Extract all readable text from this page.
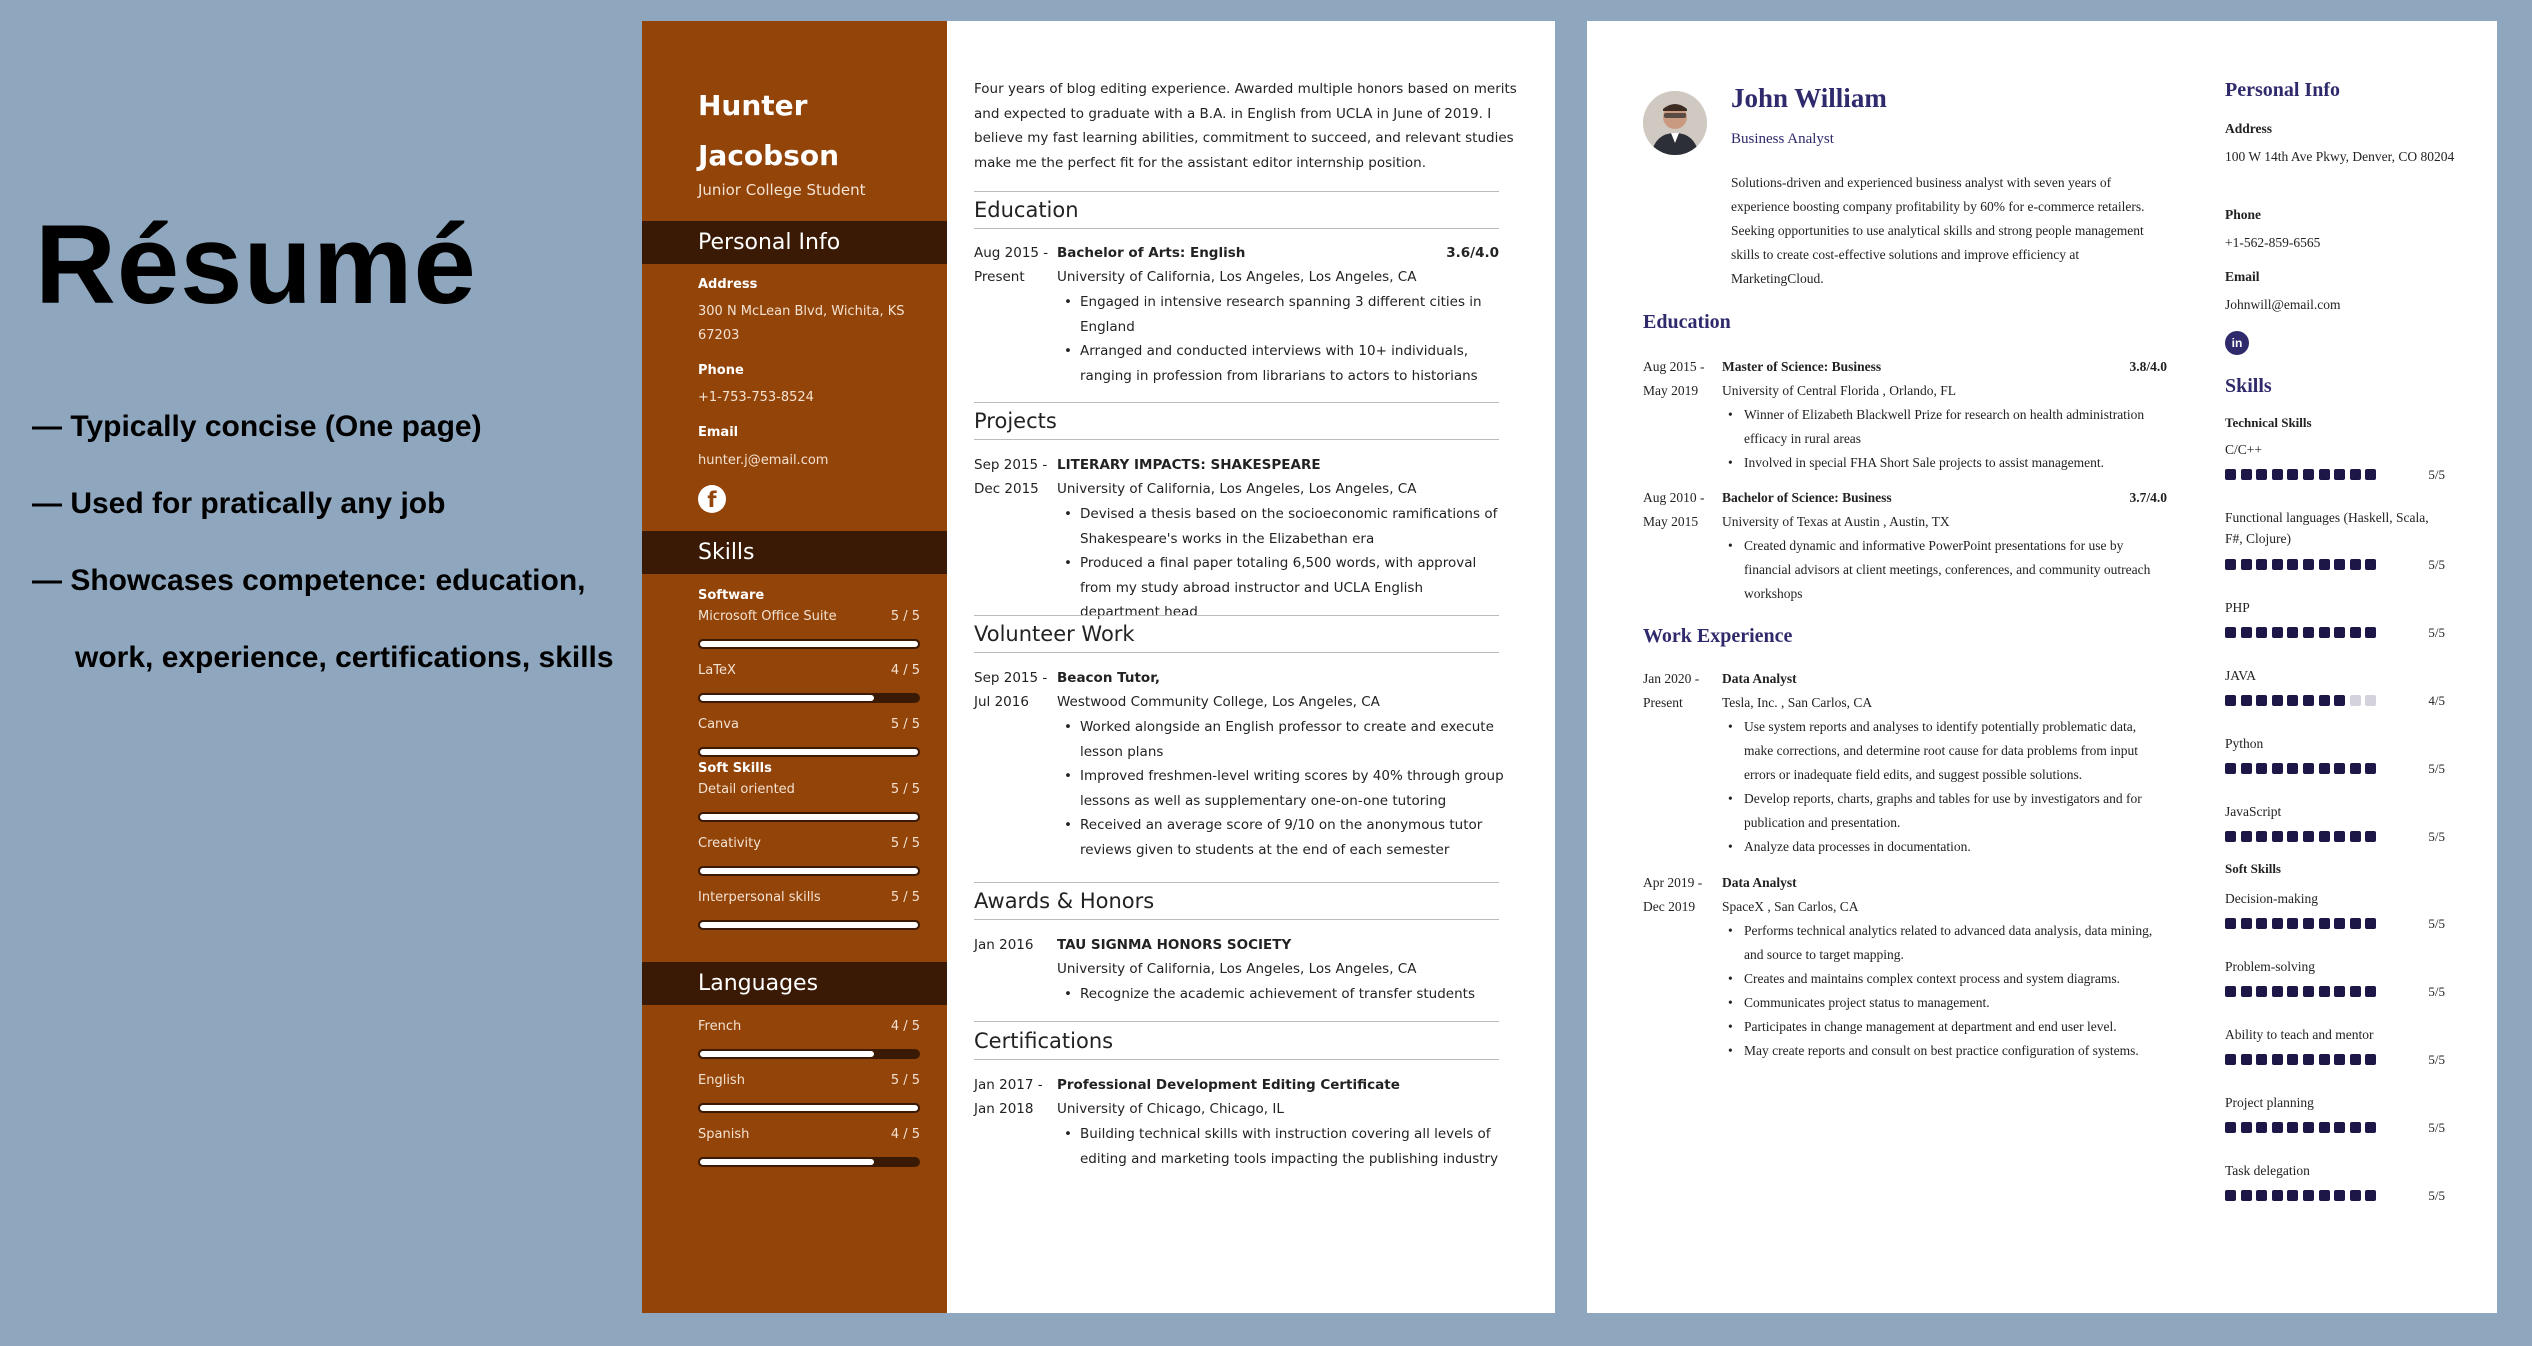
Résumé
— Typically concise (One page)
— Used for pratically any job
— Showcases competence: education,
work, experience, certifications, skills
Hunter
Jacobson
Junior College Student
Personal Info
Address
300 N McLean Blvd, Wichita, KS 67203
Phone
+1-753-753-8524
Email
hunter.j@email.com
f
Skills
Software
Languages
Microsoft Office Suite	5 / 5
LaTeX	4 / 5
Canva	5 / 5
Soft Skills
Detail oriented	5 / 5
Creativity	5 / 5
Interpersonal skills	5 / 5
French	4 / 5
English	5 / 5
Spanish	4 / 5
Four years of blog editing experience. Awarded multiple honors based on merits and expected to graduate with a B.A. in English from UCLA in June of 2019. I believe my fast learning abilities, commitment to succeed, and relevant studies make me the perfect fit for the assistant editor internship position.
Education
Aug 2015 -
Present
Bachelor of Arts: English	3.6/4.0
University of California, Los Angeles, Los Angeles, CA
• Engaged in intensive research spanning 3 different cities in England
• Arranged and conducted interviews with 10+ individuals, ranging in profession from librarians to actors to historians
Projects
Sep 2015 -
Dec 2015
LITERARY IMPACTS: SHAKESPEARE
University of California, Los Angeles, Los Angeles, CA
• Devised a thesis based on the socioeconomic ramifications of Shakespeare's works in the Elizabethan era
• Produced a final paper totaling 6,500 words, with approval from my study abroad instructor and UCLA English department head
Volunteer Work
Sep 2015 -
Jul 2016
Beacon Tutor,
Westwood Community College, Los Angeles, CA
• Worked alongside an English professor to create and execute lesson plans
• Improved freshmen-level writing scores by 40% through group lessons as well as supplementary one-on-one tutoring
• Received an average score of 9/10 on the anonymous tutor reviews given to students at the end of each semester
Awards & Honors
Jan 2016	TAU SIGNMA HONORS SOCIETY
University of California, Los Angeles, Los Angeles, CA
• Recognize the academic achievement of transfer students
Certifications
Jan 2017 -
Jan 2018
Professional Development Editing Certificate
University of Chicago, Chicago, IL
• Building technical skills with instruction covering all levels of editing and marketing tools impacting the publishing industry
John William
Business Analyst
Solutions-driven and experienced business analyst with seven years of experience boosting company profitability by 60% for e-commerce retailers. Seeking opportunities to use analytical skills and strong people management skills to create cost-effective solutions and improve efficiency at MarketingCloud.
Education
Aug 2015 -
May 2019
Master of Science: Business	3.8/4.0
University of Central Florida , Orlando, FL
• Winner of Elizabeth Blackwell Prize for research on health administration efficacy in rural areas
• Involved in special FHA Short Sale projects to assist management.
Aug 2010 -
May 2015
Bachelor of Science: Business	3.7/4.0
University of Texas at Austin , Austin, TX
• Created dynamic and informative PowerPoint presentations for use by financial advisors at client meetings, conferences, and community outreach workshops
Work Experience
Jan 2020 -
Present
Data Analyst
Tesla, Inc. , San Carlos, CA
• Use system reports and analyses to identify potentially problematic data, make corrections, and determine root cause for data problems from input errors or inadequate field edits, and suggest possible solutions.
• Develop reports, charts, graphs and tables for use by investigators and for publication and presentation.
• Analyze data processes in documentation.
Apr 2019 -
Dec 2019
Data Analyst
SpaceX , San Carlos, CA
• Performs technical analytics related to advanced data analysis, data mining, and source to target mapping.
• Creates and maintains complex context process and system diagrams.
• Communicates project status to management.
• Participates in change management at department and end user level.
• May create reports and consult on best practice configuration of systems.
Personal Info
Address
100 W 14th Ave Pkwy, Denver, CO 80204
Phone
+1-562-859-6565
Email
Johnwill@email.com
in
Skills
Technical Skills
C/C++
5/5
Functional languages (Haskell, Scala, F#, Clojure)
5/5
PHP
5/5
JAVA
4/5
Python
5/5
JavaScript
5/5
Soft Skills
Decision-making
5/5
Problem-solving
5/5
Ability to teach and mentor
5/5
Project planning
5/5
Task delegation
5/5
